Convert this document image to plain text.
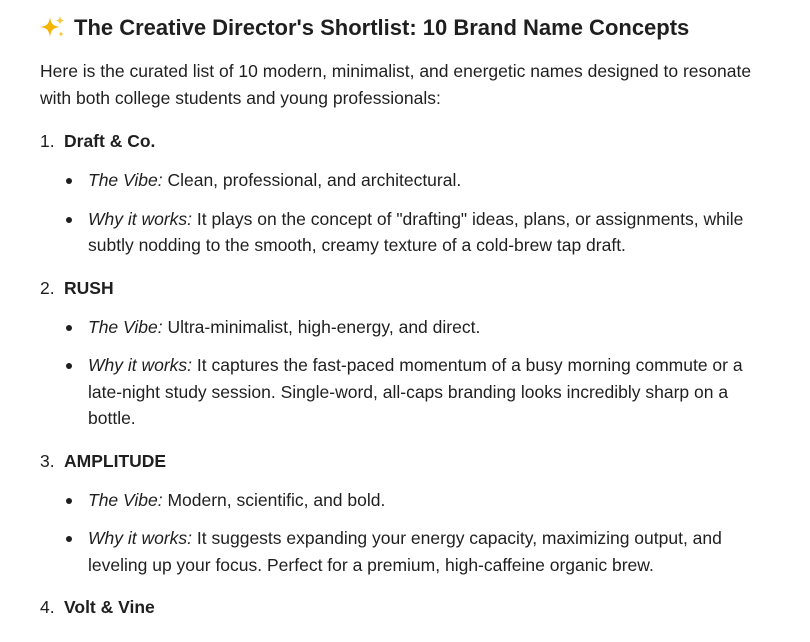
The Creative Director's Shortlist: 10 Brand Name Concepts

Here is the curated list of 10 modern, minimalist, and energetic names designed to resonate with both college students and young professionals:

1. Draft & Co.
The Vibe: Clean, professional, and architectural.
Why it works: It plays on the concept of "drafting" ideas, plans, or assignments, while subtly nodding to the smooth, creamy texture of a cold-brew tap draft.
2. RUSH
The Vibe: Ultra-minimalist, high-energy, and direct.
Why it works: It captures the fast-paced momentum of a busy morning commute or a late-night study session. Single-word, all-caps branding looks incredibly sharp on a bottle.
3. AMPLITUDE
The Vibe: Modern, scientific, and bold.
Why it works: It suggests expanding your energy capacity, maximizing output, and leveling up your focus. Perfect for a premium, high-caffeine organic brew.
4. Volt & Vine
